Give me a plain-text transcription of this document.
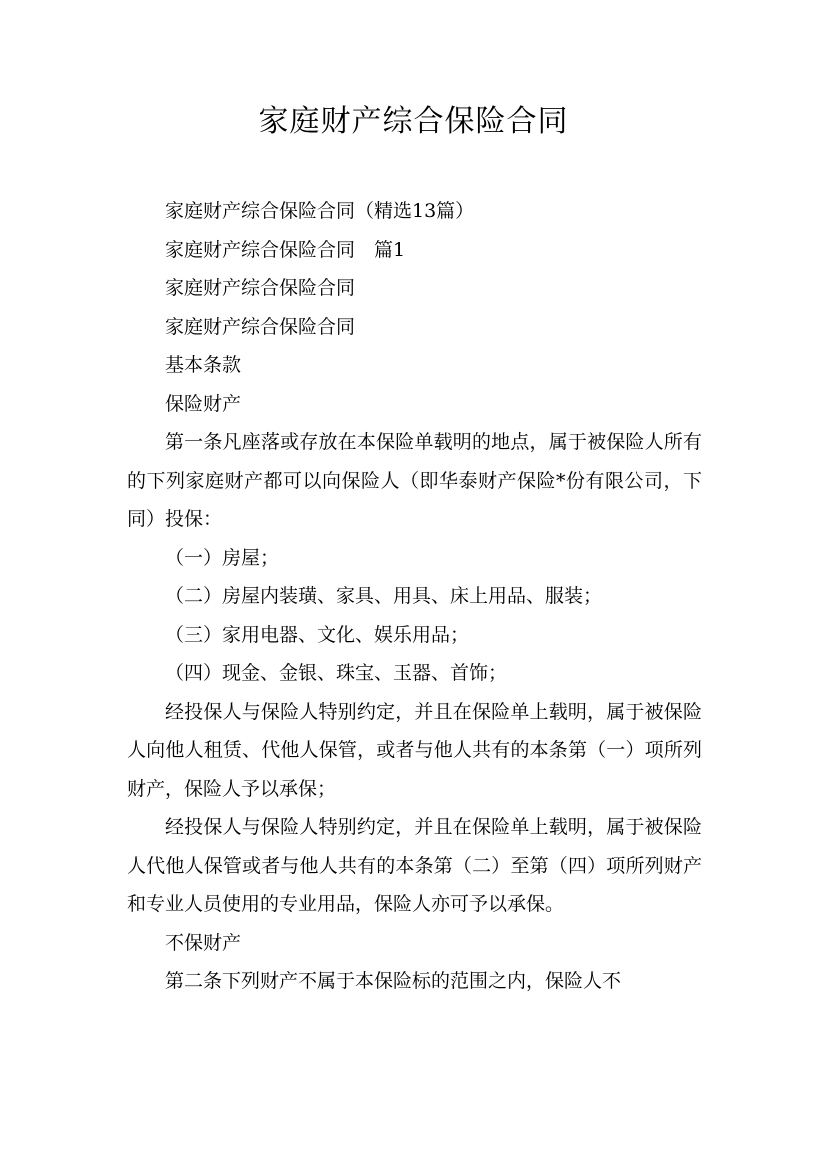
家庭财产综合保险合同

家庭财产综合保险合同（精选13篇）

家庭财产综合保险合同　篇1

家庭财产综合保险合同

家庭财产综合保险合同

基本条款

保险财产

第一条凡座落或存放在本保险单载明的地点，属于被保险人所有的下列家庭财产都可以向保险人（即华泰财产保险*份有限公司，下同）投保：

（一）房屋；

（二）房屋内装璜、家具、用具、床上用品、服装；

（三）家用电器、文化、娱乐用品；

（四）现金、金银、珠宝、玉器、首饰；

经投保人与保险人特别约定，并且在保险单上载明，属于被保险人向他人租赁、代他人保管，或者与他人共有的本条第（一）项所列财产，保险人予以承保；

经投保人与保险人特别约定，并且在保险单上载明，属于被保险人代他人保管或者与他人共有的本条第（二）至第（四）项所列财产和专业人员使用的专业用品，保险人亦可予以承保。

不保财产

第二条下列财产不属于本保险标的范围之内，保险人不
